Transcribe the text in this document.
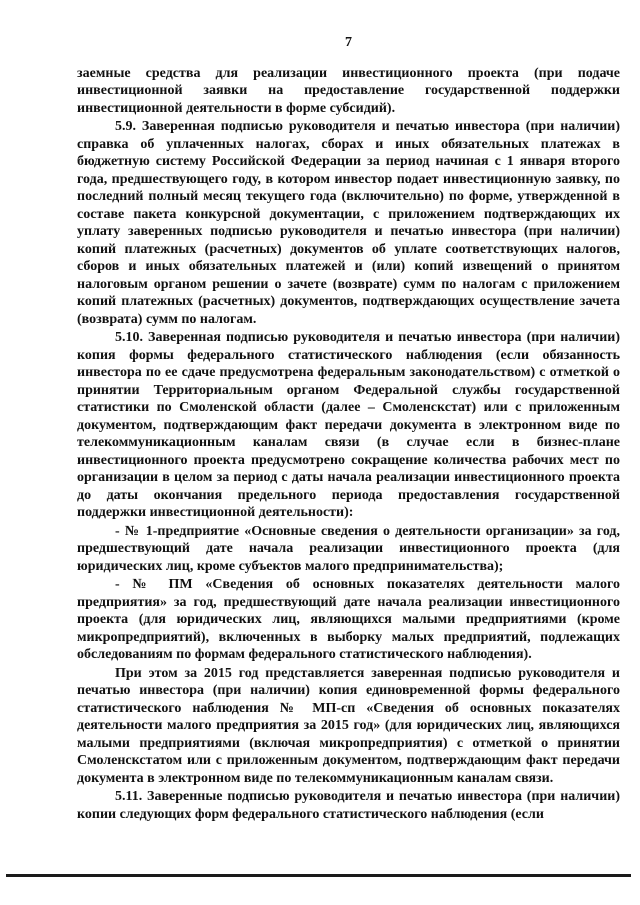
7

заемные средства для реализации инвестиционного проекта (при подаче инвестиционной заявки на предоставление государственной поддержки инвестиционной деятельности в форме субсидий).

5.9. Заверенная подписью руководителя и печатью инвестора (при наличии) справка об уплаченных налогах, сборах и иных обязательных платежах в бюджетную систему Российской Федерации за период начиная с 1 января второго года, предшествующего году, в котором инвестор подает инвестиционную заявку, по последний полный месяц текущего года (включительно) по форме, утвержденной в составе пакета конкурсной документации, с приложением подтверждающих их уплату заверенных подписью руководителя и печатью инвестора (при наличии) копий платежных (расчетных) документов об уплате соответствующих налогов, сборов и иных обязательных платежей и (или) копий извещений о принятом налоговым органом решении о зачете (возврате) сумм по налогам с приложением копий платежных (расчетных) документов, подтверждающих осуществление зачета (возврата) сумм по налогам.

5.10. Заверенная подписью руководителя и печатью инвестора (при наличии) копия формы федерального статистического наблюдения (если обязанность инвестора по ее сдаче предусмотрена федеральным законодательством) с отметкой о принятии Территориальным органом Федеральной службы государственной статистики по Смоленской области (далее – Смоленскстат) или с приложенным документом, подтверждающим факт передачи документа в электронном виде по телекоммуникационным каналам связи (в случае если в бизнес-плане инвестиционного проекта предусмотрено сокращение количества рабочих мест по организации в целом за период с даты начала реализации инвестиционного проекта до даты окончания предельного периода предоставления государственной поддержки инвестиционной деятельности):

- № 1-предприятие «Основные сведения о деятельности организации» за год, предшествующий дате начала реализации инвестиционного проекта (для юридических лиц, кроме субъектов малого предпринимательства);

- № ПМ «Сведения об основных показателях деятельности малого предприятия» за год, предшествующий дате начала реализации инвестиционного проекта (для юридических лиц, являющихся малыми предприятиями (кроме микропредприятий), включенных в выборку малых предприятий, подлежащих обследованиям по формам федерального статистического наблюдения).

При этом за 2015 год представляется заверенная подписью руководителя и печатью инвестора (при наличии) копия единовременной формы федерального статистического наблюдения № МП-сп «Сведения об основных показателях деятельности малого предприятия за 2015 год» (для юридических лиц, являющихся малыми предприятиями (включая микропредприятия) с отметкой о принятии Смоленскстатом или с приложенным документом, подтверждающим факт передачи документа в электронном виде по телекоммуникационным каналам связи.

5.11. Заверенные подписью руководителя и печатью инвестора (при наличии) копии следующих форм федерального статистического наблюдения (если
